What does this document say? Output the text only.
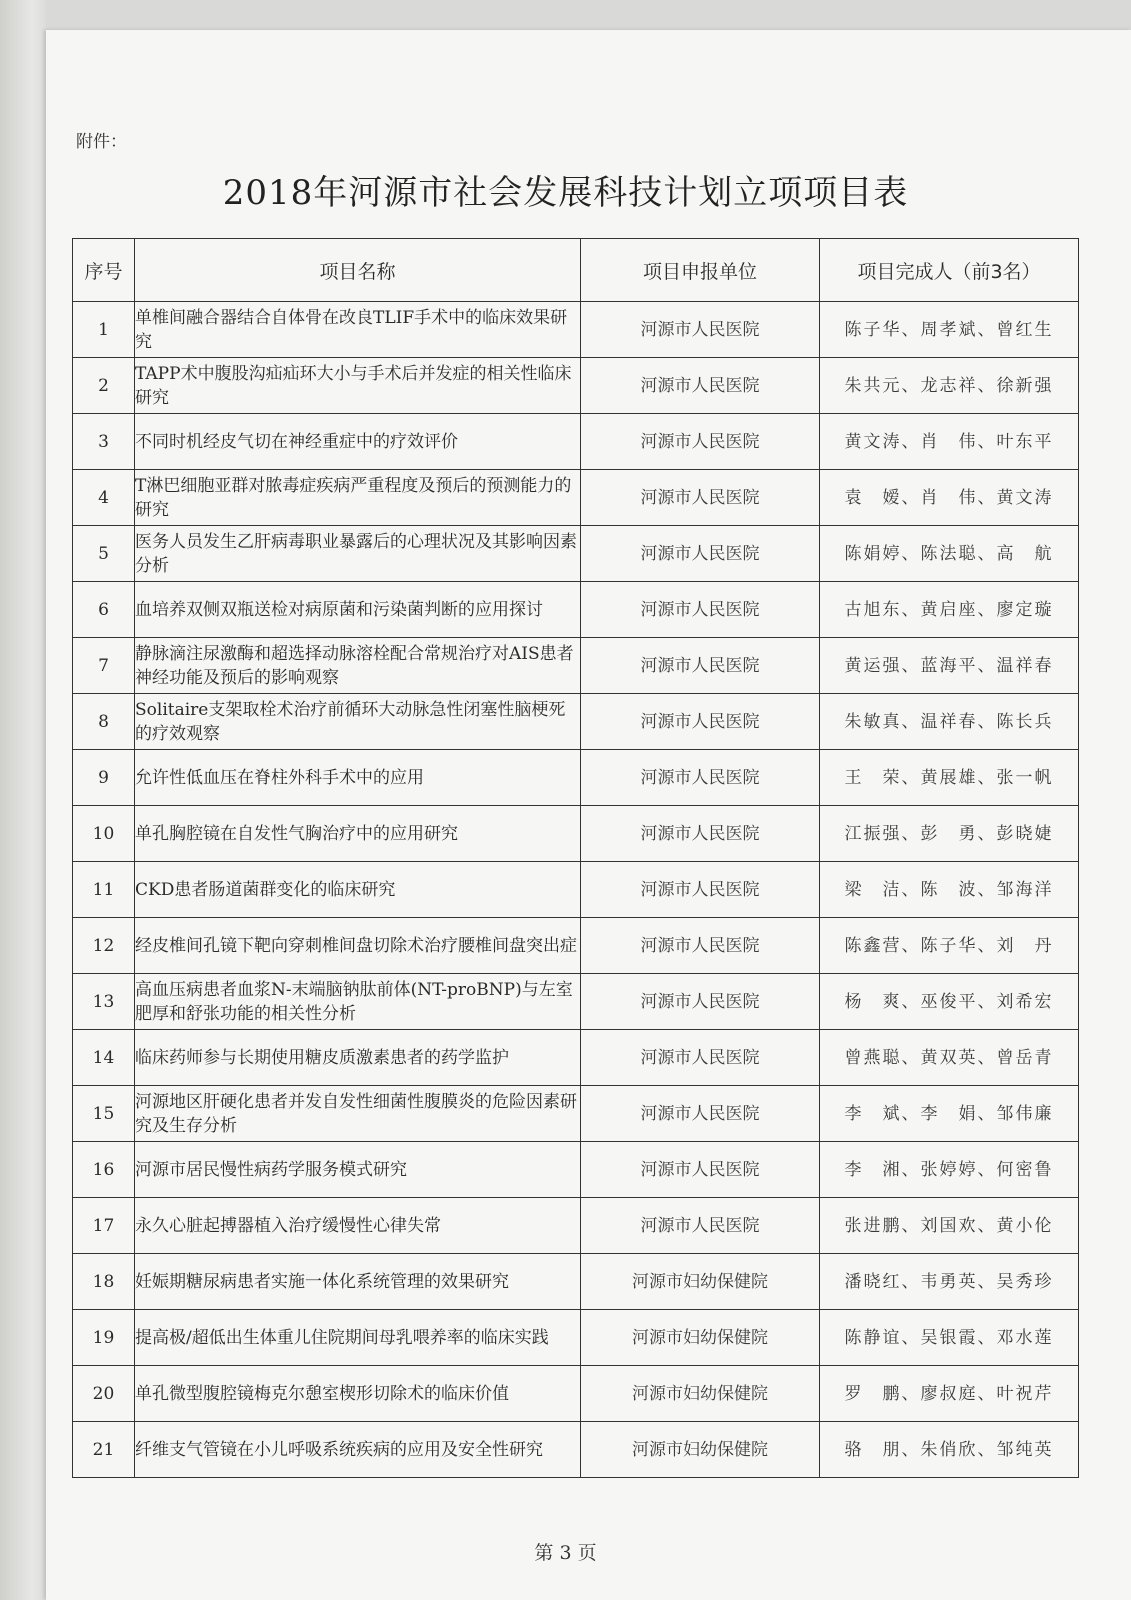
附件：
2018年河源市社会发展科技计划立项项目表
序号	项目名称	项目申报单位	项目完成人（前3名）
1	单椎间融合器结合自体骨在改良TLIF手术中的临床效果研究	河源市人民医院	陈子华、周孝斌、曾红生
2	TAPP术中腹股沟疝疝环大小与手术后并发症的相关性临床研究	河源市人民医院	朱共元、龙志祥、徐新强
3	不同时机经皮气切在神经重症中的疗效评价	河源市人民医院	黄文涛、肖　伟、叶东平
4	T淋巴细胞亚群对脓毒症疾病严重程度及预后的预测能力的研究	河源市人民医院	袁　嫒、肖　伟、黄文涛
5	医务人员发生乙肝病毒职业暴露后的心理状况及其影响因素分析	河源市人民医院	陈娟婷、陈法聪、高　航
6	血培养双侧双瓶送检对病原菌和污染菌判断的应用探讨	河源市人民医院	古旭东、黄启座、廖定璇
7	静脉滴注尿激酶和超选择动脉溶栓配合常规治疗对AIS患者神经功能及预后的影响观察	河源市人民医院	黄运强、蓝海平、温祥春
8	Solitaire支架取栓术治疗前循环大动脉急性闭塞性脑梗死的疗效观察	河源市人民医院	朱敏真、温祥春、陈长兵
9	允许性低血压在脊柱外科手术中的应用	河源市人民医院	王　荣、黄展雄、张一帆
10	单孔胸腔镜在自发性气胸治疗中的应用研究	河源市人民医院	江振强、彭　勇、彭晓婕
11	CKD患者肠道菌群变化的临床研究	河源市人民医院	梁　洁、陈　波、邹海洋
12	经皮椎间孔镜下靶向穿刺椎间盘切除术治疗腰椎间盘突出症	河源市人民医院	陈鑫营、陈子华、刘　丹
13	高血压病患者血浆N-末端脑钠肽前体(NT-proBNP)与左室肥厚和舒张功能的相关性分析	河源市人民医院	杨　爽、巫俊平、刘希宏
14	临床药师参与长期使用糖皮质激素患者的药学监护	河源市人民医院	曾燕聪、黄双英、曾岳青
15	河源地区肝硬化患者并发自发性细菌性腹膜炎的危险因素研究及生存分析	河源市人民医院	李　斌、李　娟、邹伟廉
16	河源市居民慢性病药学服务模式研究	河源市人民医院	李　湘、张婷婷、何密鲁
17	永久心脏起搏器植入治疗缓慢性心律失常	河源市人民医院	张进鹏、刘国欢、黄小伦
18	妊娠期糖尿病患者实施一体化系统管理的效果研究	河源市妇幼保健院	潘晓红、韦勇英、吴秀珍
19	提高极/超低出生体重儿住院期间母乳喂养率的临床实践	河源市妇幼保健院	陈静谊、吴银霞、邓水莲
20	单孔微型腹腔镜梅克尔憩室楔形切除术的临床价值	河源市妇幼保健院	罗　鹏、廖叔庭、叶祝芹
21	纤维支气管镜在小儿呼吸系统疾病的应用及安全性研究	河源市妇幼保健院	骆　朋、朱俏欣、邹纯英
第 3 页
